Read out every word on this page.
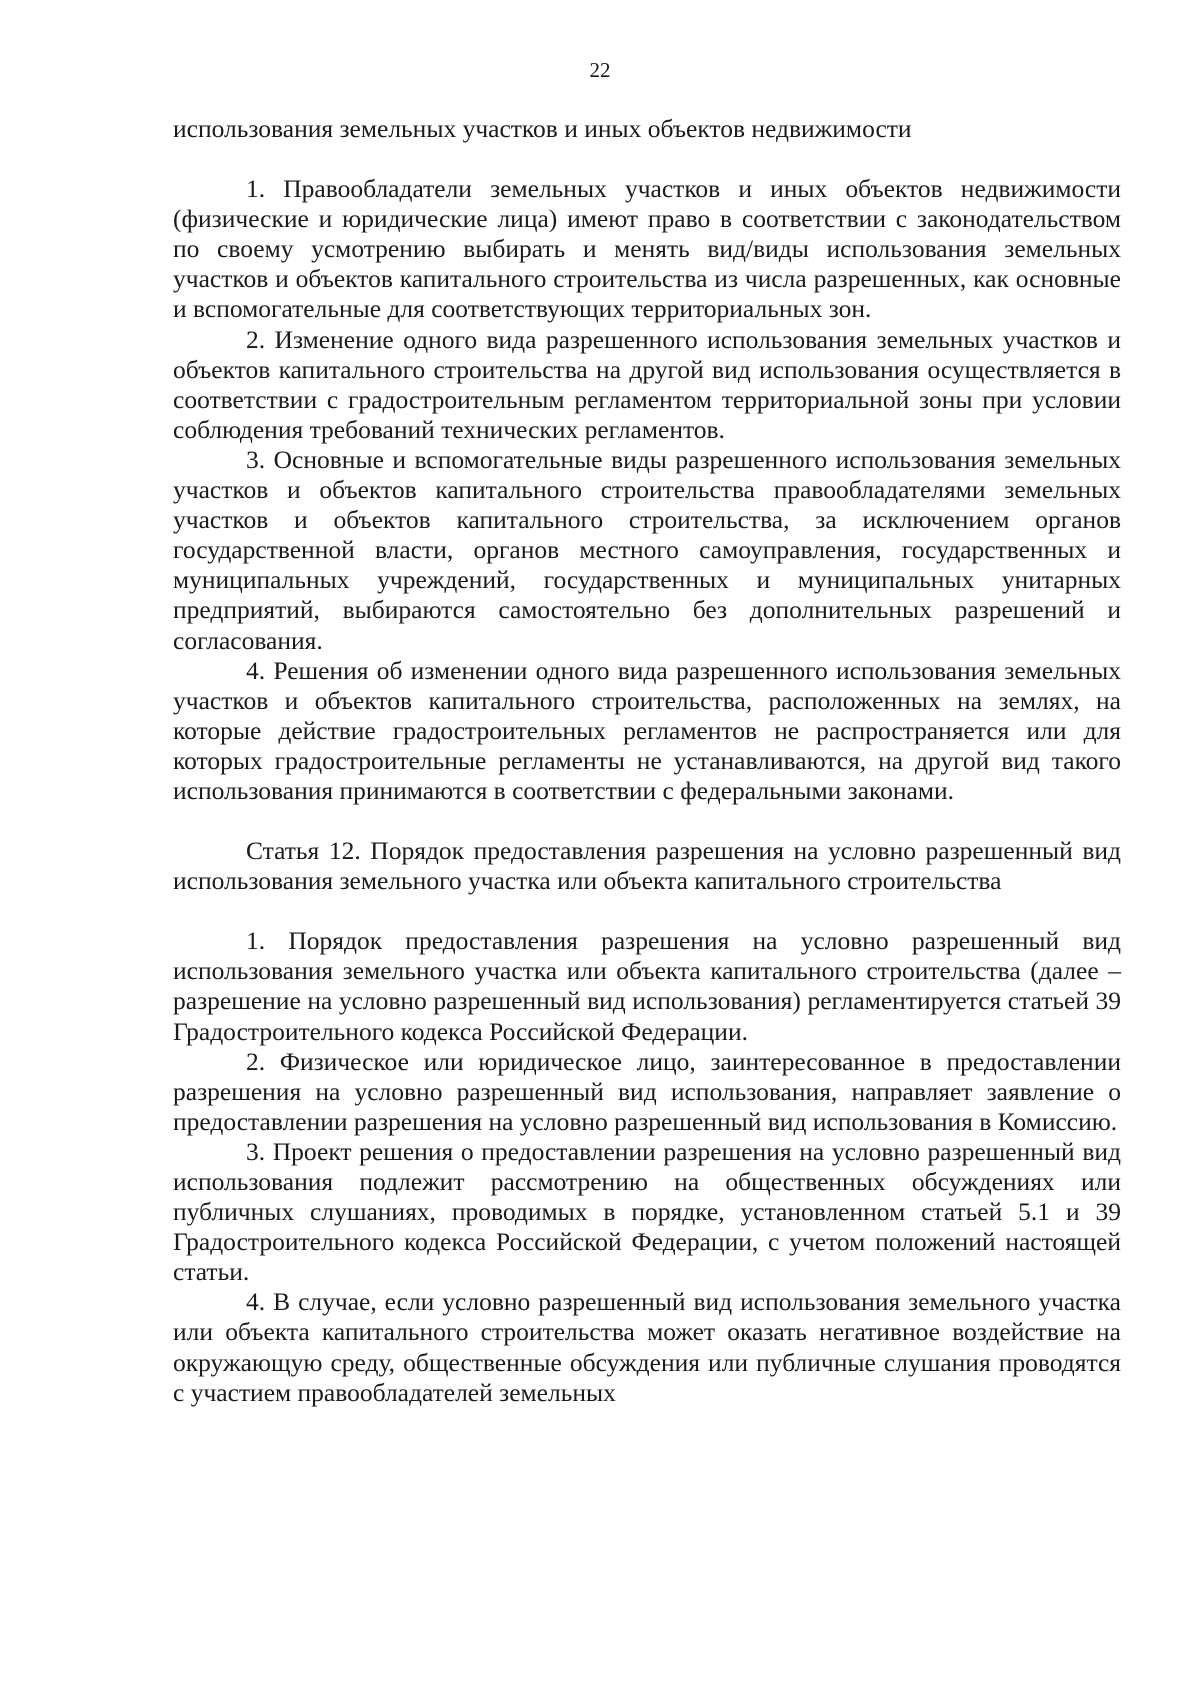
22

использования земельных участков и иных объектов недвижимости

1. Правообладатели земельных участков и иных объектов недвижимости (физические и юридические лица) имеют право в соответствии с законодательством по своему усмотрению выбирать и менять вид/виды использования земельных участков и объектов капитального строительства из числа разрешенных, как основные и вспомогательные для соответствующих территориальных зон.

2. Изменение одного вида разрешенного использования земельных участков и объектов капитального строительства на другой вид использования осуществляется в соответствии с градостроительным регламентом территориальной зоны при условии соблюдения требований технических регламентов.

3. Основные и вспомогательные виды разрешенного использования земельных участков и объектов капитального строительства правообладателями земельных участков и объектов капитального строительства, за исключением органов государственной власти, органов местного самоуправления, государственных и муниципальных учреждений, государственных и муниципальных унитарных предприятий, выбираются самостоятельно без дополнительных разрешений и согласования.

4. Решения об изменении одного вида разрешенного использования земельных участков и объектов капитального строительства, расположенных на землях, на которые действие градостроительных регламентов не распространяется или для которых градостроительные регламенты не устанавливаются, на другой вид такого использования принимаются в соответствии с федеральными законами.

Статья 12. Порядок предоставления разрешения на условно разрешенный вид использования земельного участка или объекта капитального строительства

1. Порядок предоставления разрешения на условно разрешенный вид использования земельного участка или объекта капитального строительства (далее – разрешение на условно разрешенный вид использования) регламентируется статьей 39 Градостроительного кодекса Российской Федерации.

2. Физическое или юридическое лицо, заинтересованное в предоставлении разрешения на условно разрешенный вид использования, направляет заявление о предоставлении разрешения на условно разрешенный вид использования в Комиссию.

3. Проект решения о предоставлении разрешения на условно разрешенный вид использования подлежит рассмотрению на общественных обсуждениях или публичных слушаниях, проводимых в порядке, установленном статьей 5.1 и 39 Градостроительного кодекса Российской Федерации, с учетом положений настоящей статьи.

4. В случае, если условно разрешенный вид использования земельного участка или объекта капитального строительства может оказать негативное воздействие на окружающую среду, общественные обсуждения или публичные слушания проводятся с участием правообладателей земельных
